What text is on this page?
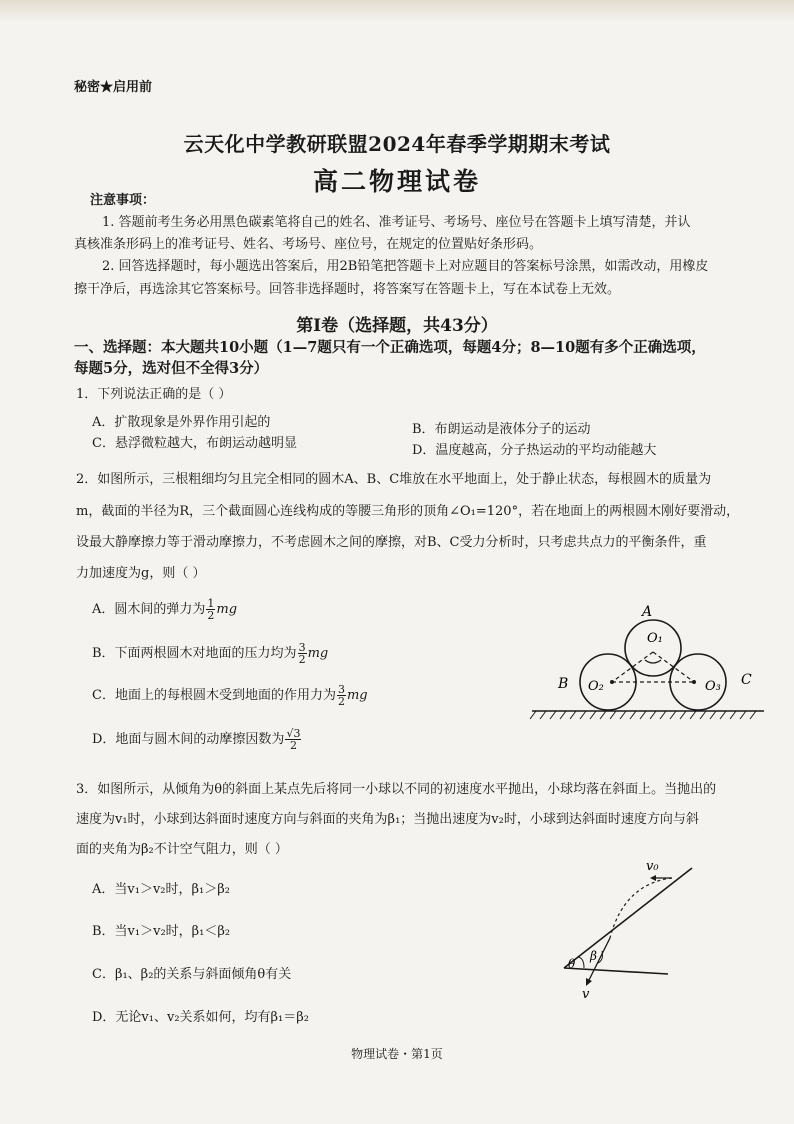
秘密★启用前
云天化中学教研联盟2024年春季学期期末考试
高二物理试卷
注意事项：
1. 答题前考生务必用黑色碳素笔将自己的姓名、准考证号、考场号、座位号在答题卡上填写清楚，并认
真核准条形码上的准考证号、姓名、考场号、座位号，在规定的位置贴好条形码。
2. 回答选择题时，每小题选出答案后，用2B铅笔把答题卡上对应题目的答案标号涂黑，如需改动，用橡皮
擦干净后，再选涂其它答案标号。回答非选择题时，将答案写在答题卡上，写在本试卷上无效。
第Ⅰ卷（选择题，共43分）
一、选择题：本大题共10小题（1—7题只有一个正确选项，每题4分；8—10题有多个正确选项，
每题5分，选对但不全得3分）
1．下列说法正确的是（ ）
A．扩散现象是外界作用引起的	B．布朗运动是液体分子的运动
C．悬浮微粒越大，布朗运动越明显	D．温度越高，分子热运动的平均动能越大
2．如图所示，三根粗细均匀且完全相同的圆木A、B、C堆放在水平地面上，处于静止状态，每根圆木的质量为
m，截面的半径为R，三个截面圆心连线构成的等腰三角形的顶角∠O₁=120°，若在地面上的两根圆木刚好要滑动，
设最大静摩擦力等于滑动摩擦力，不考虑圆木之间的摩擦，对B、C受力分析时，只考虑共点力的平衡条件，重
力加速度为g，则（ ）
A．圆木间的弹力为 $\frac{1}{2}$ mg
B．下面两根圆木对地面的压力均为 $\frac{3}{2}$ mg
C．地面上的每根圆木受到地面的作用力为 $\frac{3}{2}$ mg
D．地面与圆木间的动摩擦因数为 $\frac{√3}{2}$
A
O₁
B O₂	O₃ C
3．如图所示，从倾角为θ的斜面上某点先后将同一小球以不同的初速度水平抛出，小球均落在斜面上。当抛出的
速度为v₁时，小球到达斜面时速度方向与斜面的夹角为β₁；当抛出速度为v₂时，小球到达斜面时速度方向与斜
面的夹角为β₂不计空气阻力，则（ ）
A．当v₁＞v₂时，β₁＞β₂
B．当v₁＞v₂时，β₁＜β₂
C．β₁、β₂的关系与斜面倾角θ有关
D．无论v₁、v₂关系如何，均有β₁＝β₂
v₀
θ
β
v
物理试卷・第1页
